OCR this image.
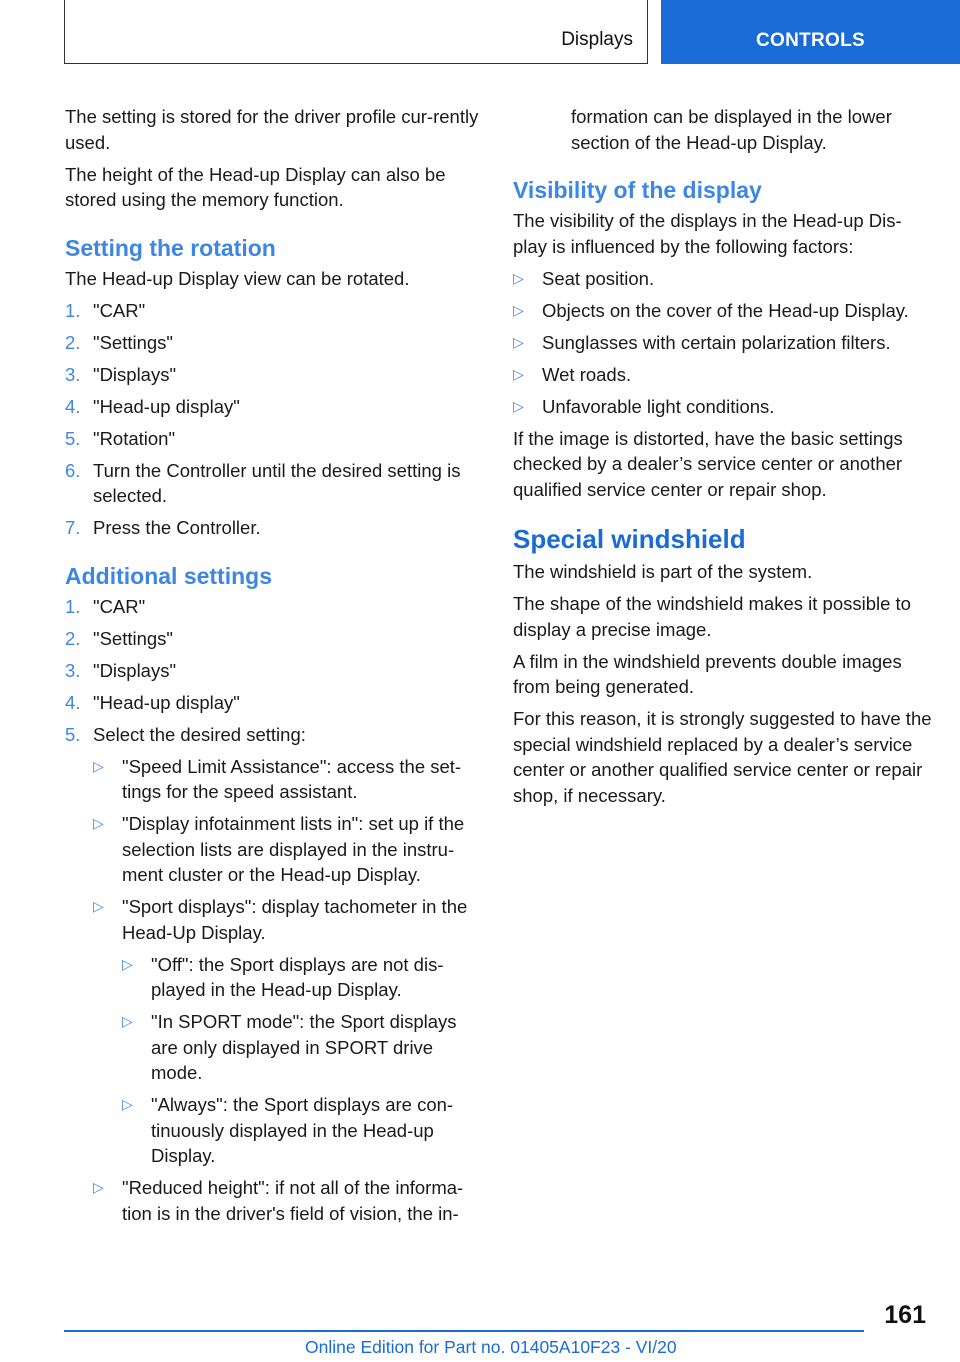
Displays	CONTROLS

The setting is stored for the driver profile cur-rently used.

The height of the Head-up Display can also be stored using the memory function.

Setting the rotation

The Head-up Display view can be rotated.

1. "CAR"
2. "Settings"
3. "Displays"
4. "Head-up display"
5. "Rotation"
6. Turn the Controller until the desired setting is selected.
7. Press the Controller.
Additional settings
1. "CAR"
2. "Settings"
3. "Displays"
4. "Head-up display"
5. Select the desired setting:
▷ "Speed Limit Assistance": access the set-tings for the speed assistant.
▷ "Display infotainment lists in": set up if the selection lists are displayed in the instru-ment cluster or the Head-up Display.
▷ "Sport displays": display tachometer in the Head-Up Display.
▷ "Off": the Sport displays are not dis-played in the Head-up Display.
▷ "In SPORT mode": the Sport displays are only displayed in SPORT drive mode.
▷ "Always": the Sport displays are con-tinuously displayed in the Head-up Display.
▷ "Reduced height": if not all of the informa-tion is in the driver's field of vision, the in-

formation can be displayed in the lower section of the Head-up Display.

Visibility of the display

The visibility of the displays in the Head-up Dis-play is influenced by the following factors:

▷ Seat position.
▷ Objects on the cover of the Head-up Display.
▷ Sunglasses with certain polarization filters.
▷ Wet roads.
▷ Unfavorable light conditions.

If the image is distorted, have the basic settings checked by a dealer’s service center or another qualified service center or repair shop.

Special windshield

The windshield is part of the system.

The shape of the windshield makes it possible to display a precise image.

A film in the windshield prevents double images from being generated.

For this reason, it is strongly suggested to have the special windshield replaced by a dealer’s service center or another qualified service center or repair shop, if necessary.

161
Online Edition for Part no. 01405A10F23 - VI/20
